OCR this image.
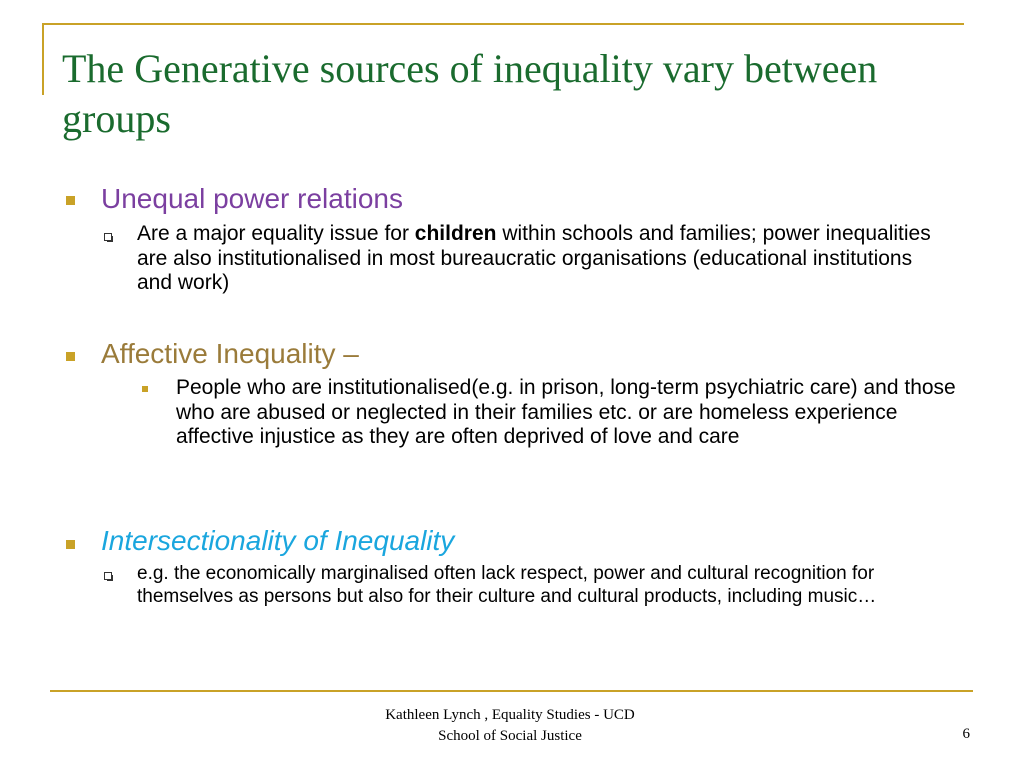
The Generative sources of inequality vary between groups

Unequal power relations

Are a major equality issue for children within schools and families; power inequalities are also institutionalised in most bureaucratic organisations (educational institutions and work)

Affective Inequality –

People who are institutionalised(e.g. in prison, long-term psychiatric care) and those who are abused or neglected in their families etc. or are homeless experience affective injustice as they are often deprived of love and care

Intersectionality of Inequality

e.g. the economically marginalised often lack respect, power and cultural recognition for themselves as persons but also for their culture and cultural products, including music…

Kathleen Lynch , Equality Studies - UCD
School of Social Justice	6
